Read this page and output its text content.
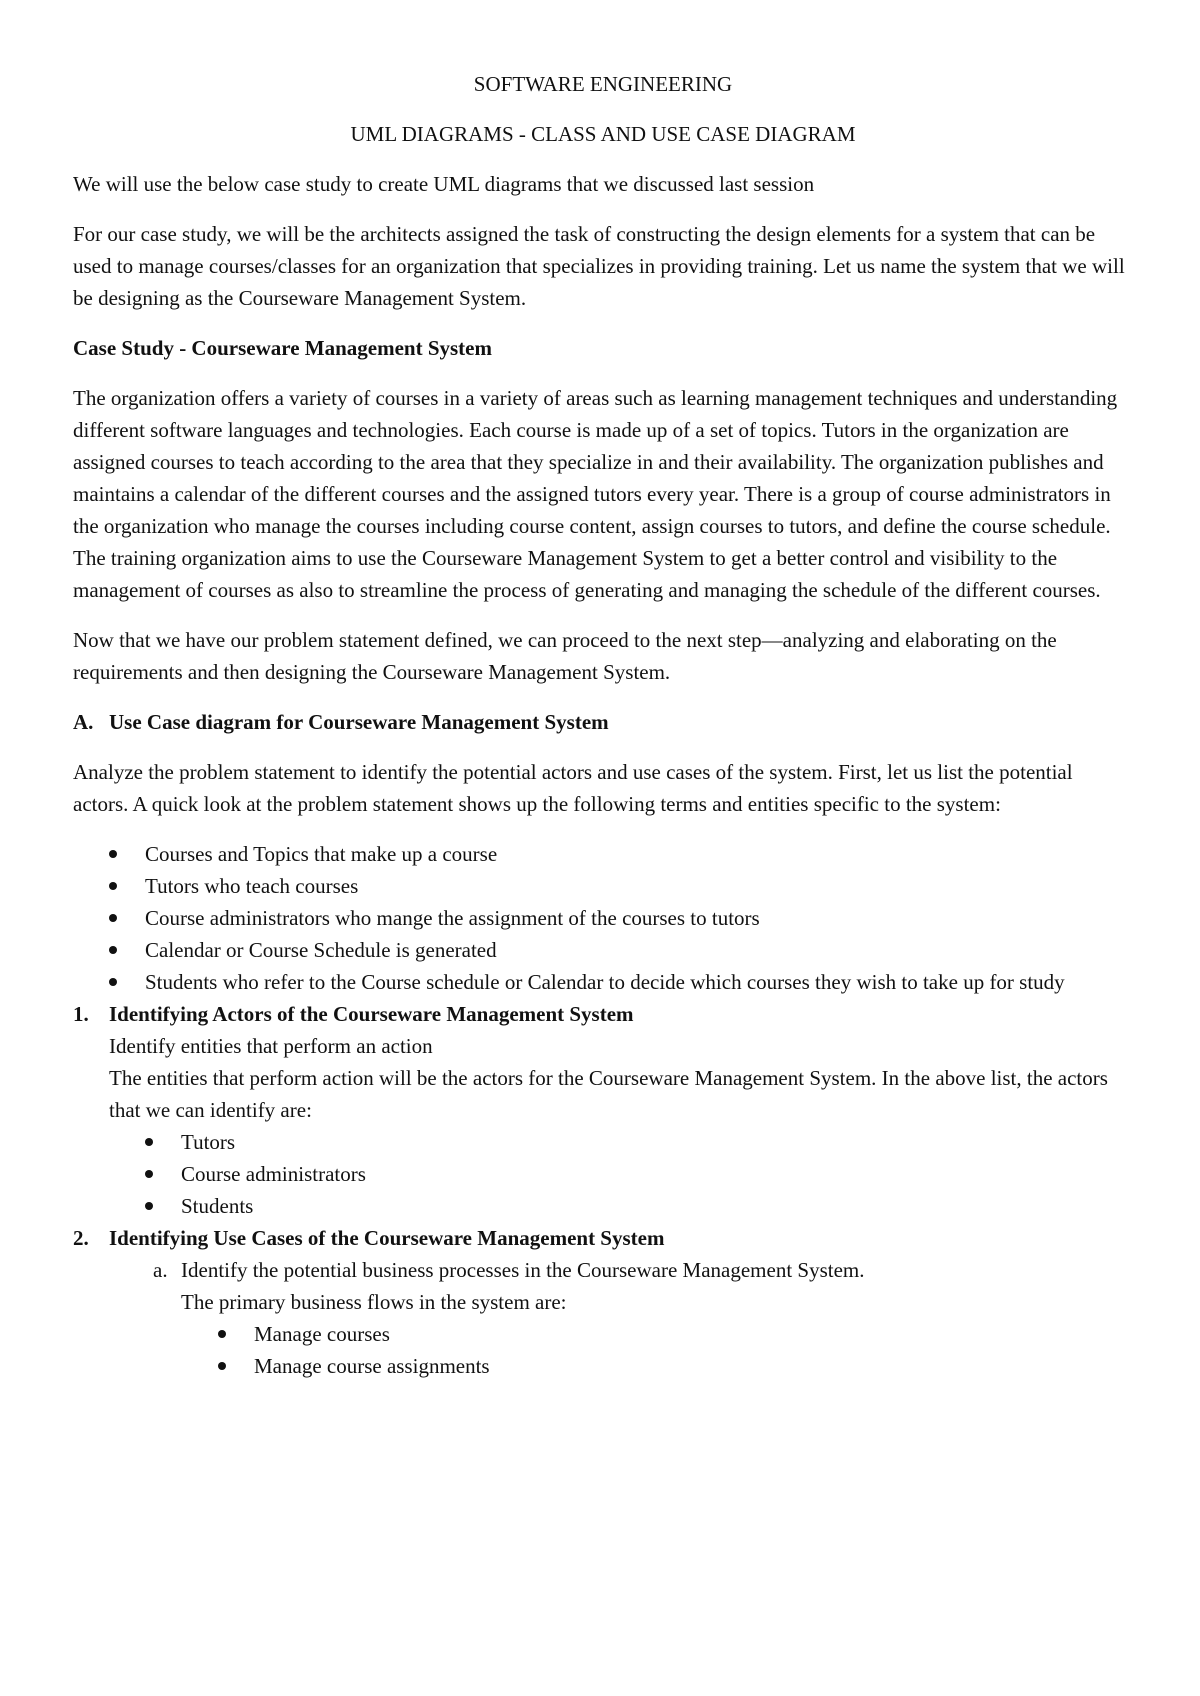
SOFTWARE ENGINEERING
UML DIAGRAMS - CLASS AND USE CASE DIAGRAM

We will use the below case study to create UML diagrams that we discussed last session

For our case study, we will be the architects assigned the task of constructing the design elements for a system that can be used to manage courses/classes for an organization that specializes in providing training. Let us name the system that we will be designing as the Courseware Management System.

Case Study - Courseware Management System

The organization offers a variety of courses in a variety of areas such as learning management techniques and understanding different software languages and technologies. Each course is made up of a set of topics. Tutors in the organization are assigned courses to teach according to the area that they specialize in and their availability. The organization publishes and maintains a calendar of the different courses and the assigned tutors every year. There is a group of course administrators in the organization who manage the courses including course content, assign courses to tutors, and define the course schedule. The training organization aims to use the Courseware Management System to get a better control and visibility to the management of courses as also to streamline the process of generating and managing the schedule of the different courses.

Now that we have our problem statement defined, we can proceed to the next step—analyzing and elaborating on the requirements and then designing the Courseware Management System.

A. Use Case diagram for Courseware Management System

Analyze the problem statement to identify the potential actors and use cases of the system. First, let us list the potential actors. A quick look at the problem statement shows up the following terms and entities specific to the system:

Courses and Topics that make up a course
Tutors who teach courses
Course administrators who mange the assignment of the courses to tutors
Calendar or Course Schedule is generated
Students who refer to the Course schedule or Calendar to decide which courses they wish to take up for study
1. Identifying Actors of the Courseware Management System
Identify entities that perform an action
The entities that perform action will be the actors for the Courseware Management System. In the above list, the actors that we can identify are:
Tutors
Course administrators
Students
2. Identifying Use Cases of the Courseware Management System
a. Identify the potential business processes in the Courseware Management System.
The primary business flows in the system are:
Manage courses
Manage course assignments
